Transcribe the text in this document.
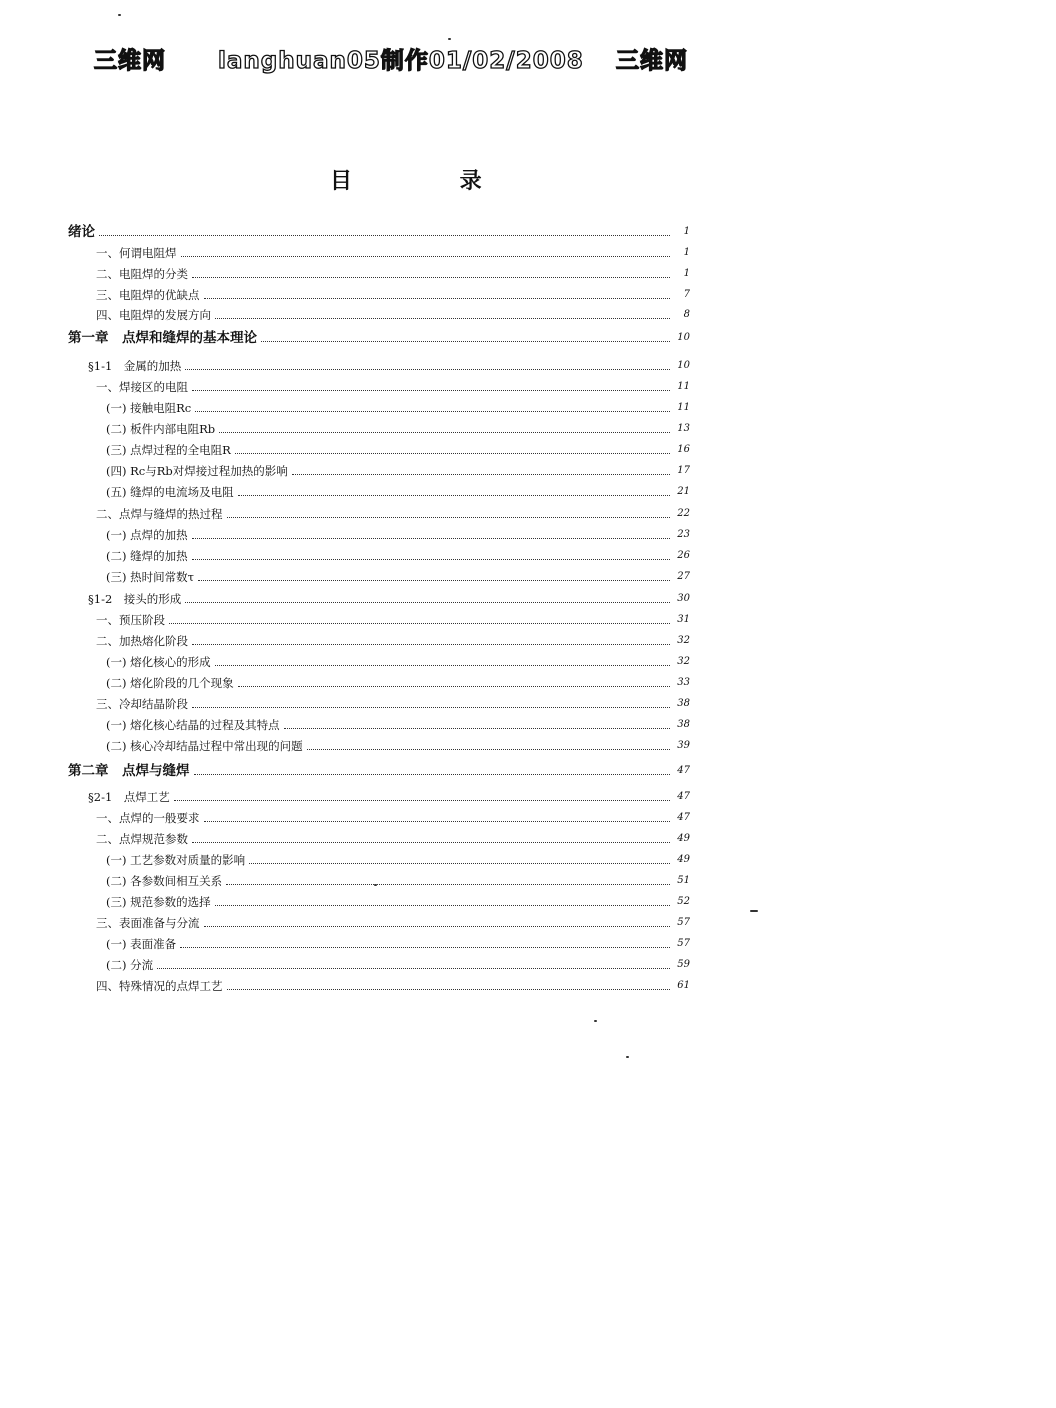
三维网 langhuan05制作01/02/2008 三维网
目 录
绪论	1
一、何谓电阻焊	1
二、电阻焊的分类	1
三、电阻焊的优缺点	7
四、电阻焊的发展方向	8
第一章　点焊和缝焊的基本理论	10
§1-1　金属的加热	10
一、焊接区的电阻	11
(一) 接触电阻Rc	11
(二) 板件内部电阻Rb	13
(三) 点焊过程的全电阻R	16
(四) Rc与Rb对焊接过程加热的影响	17
(五) 缝焊的电流场及电阻	21
二、点焊与缝焊的热过程	22
(一) 点焊的加热	23
(二) 缝焊的加热	26
(三) 热时间常数τ	27
§1-2　接头的形成	30
一、预压阶段	31
二、加热熔化阶段	32
(一) 熔化核心的形成	32
(二) 熔化阶段的几个现象	33
三、冷却结晶阶段	38
(一) 熔化核心结晶的过程及其特点	38
(二) 核心冷却结晶过程中常出现的问题	39
第二章　点焊与缝焊	47
§2-1　点焊工艺	47
一、点焊的一般要求	47
二、点焊规范参数	49
(一) 工艺参数对质量的影响	49
(二) 各参数间相互关系	51
(三) 规范参数的选择	52
三、表面准备与分流	57
(一) 表面准备	57
(二) 分流	59
四、特殊情况的点焊工艺	61
